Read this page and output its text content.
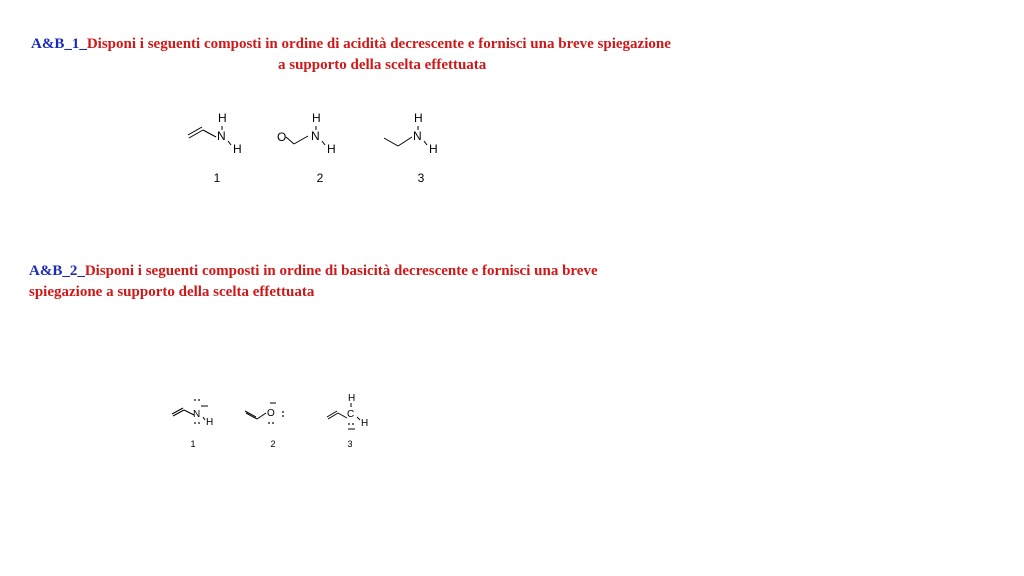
A&B_1_Disponi i seguenti composti in ordine di acidità decrescente e fornisci una breve spiegazione

a supporto della scelta effettuata

H
N
H
1
O
H
N
H
2
H
N
H
3
A&B_2_Disponi i seguenti composti in ordine di basicità decrescente e fornisci una breve
spiegazione a supporto della scelta effettuata
N
H
1
O
2
H
C
H
3
